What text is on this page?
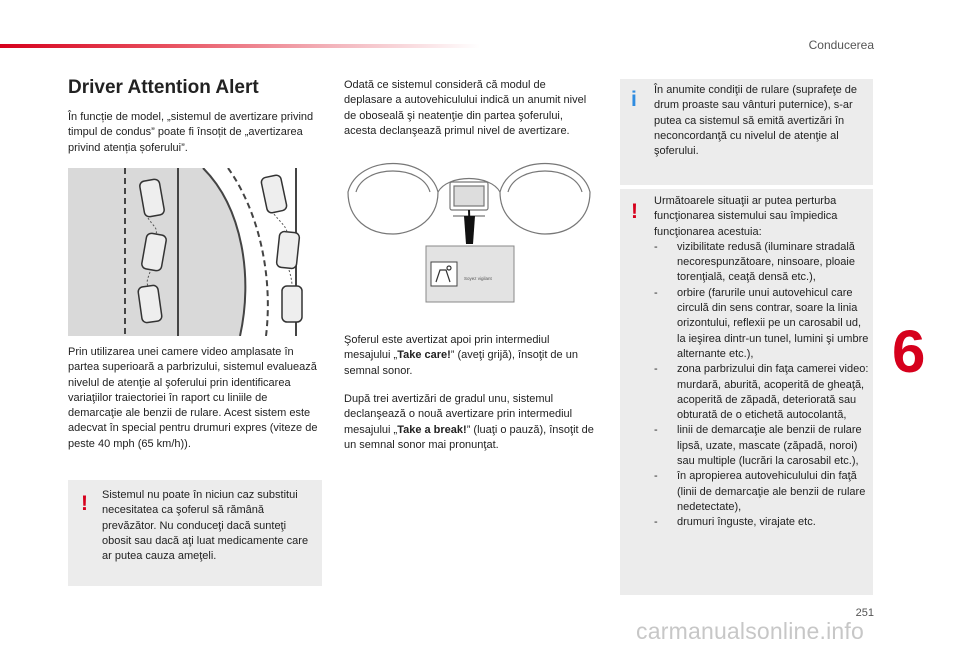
Conducerea
6
251
carmanualsonline.info
Driver Attention Alert
În funcție de model, „sistemul de avertizare privind timpul de condus” poate fi însoțit de „avertizarea privind atenția șoferului”.
Prin utilizarea unei camere video amplasate în partea superioară a parbrizului, sistemul evaluează nivelul de atenţie al şoferului prin identificarea variaţiilor traiectoriei în raport cu liniile de demarcaţie ale benzii de rulare. Acest sistem este adecvat în special pentru drumuri expres (viteze de peste 40 mph (65 km/h)).
! Sistemul nu poate în niciun caz substitui necesitatea ca şoferul să rămână prevăzător. Nu conduceţi dacă sunteţi obosit sau dacă aţi luat medicamente care ar putea cauza ameţeli.
Odată ce sistemul consideră că modul de deplasare a autovehiculului indică un anumit nivel de oboseală şi neatenţie din partea şoferului, acesta declanşează primul nivel de avertizare.
Soyez vigilant
Şoferul este avertizat apoi prin intermediul mesajului „Take care!” (aveţi grijă), însoţit de un semnal sonor.
După trei avertizări de gradul unu, sistemul declanşează o nouă avertizare prin intermediul mesajului „Take a break!” (luaţi o pauză), însoţit de un semnal sonor mai pronunţat.
i În anumite condiţii de rulare (suprafeţe de drum proaste sau vânturi puternice), s-ar putea ca sistemul să emită avertizări în neconcordanţă cu nivelul de atenţie al şoferului.
! Următoarele situaţii ar putea perturba funcţionarea sistemului sau împiedica funcţionarea acestuia:
- vizibilitate redusă (iluminare stradală necorespunzătoare, ninsoare, ploaie torenţială, ceaţă densă etc.),
- orbire (farurile unui autovehicul care circulă din sens contrar, soare la linia orizontului, reflexii pe un carosabil ud, la ieşirea dintr-un tunel, lumini şi umbre alternante etc.),
- zona parbrizului din faţa camerei video: murdară, aburită, acoperită de gheaţă, acoperită de zăpadă, deteriorată sau obturată de o etichetă autocolantă,
- linii de demarcaţie ale benzii de rulare lipsă, uzate, mascate (zăpadă, noroi) sau multiple (lucrări la carosabil etc.),
- în apropierea autovehiculului din faţă (linii de demarcaţie ale benzii de rulare nedetectate),
- drumuri înguste, virajate etc.
